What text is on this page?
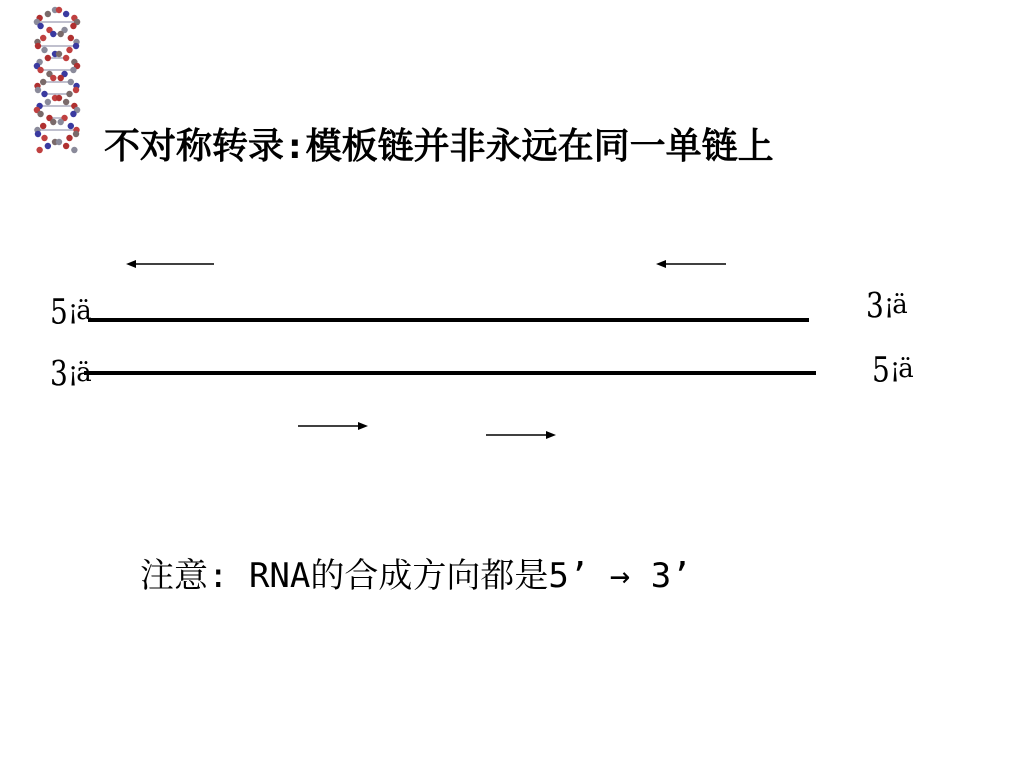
不对称转录:模板链并非永远在同一单链上
5¡ä	3¡ä
3¡ä	5¡ä
注意: RNA的合成方向都是5’ → 3’
